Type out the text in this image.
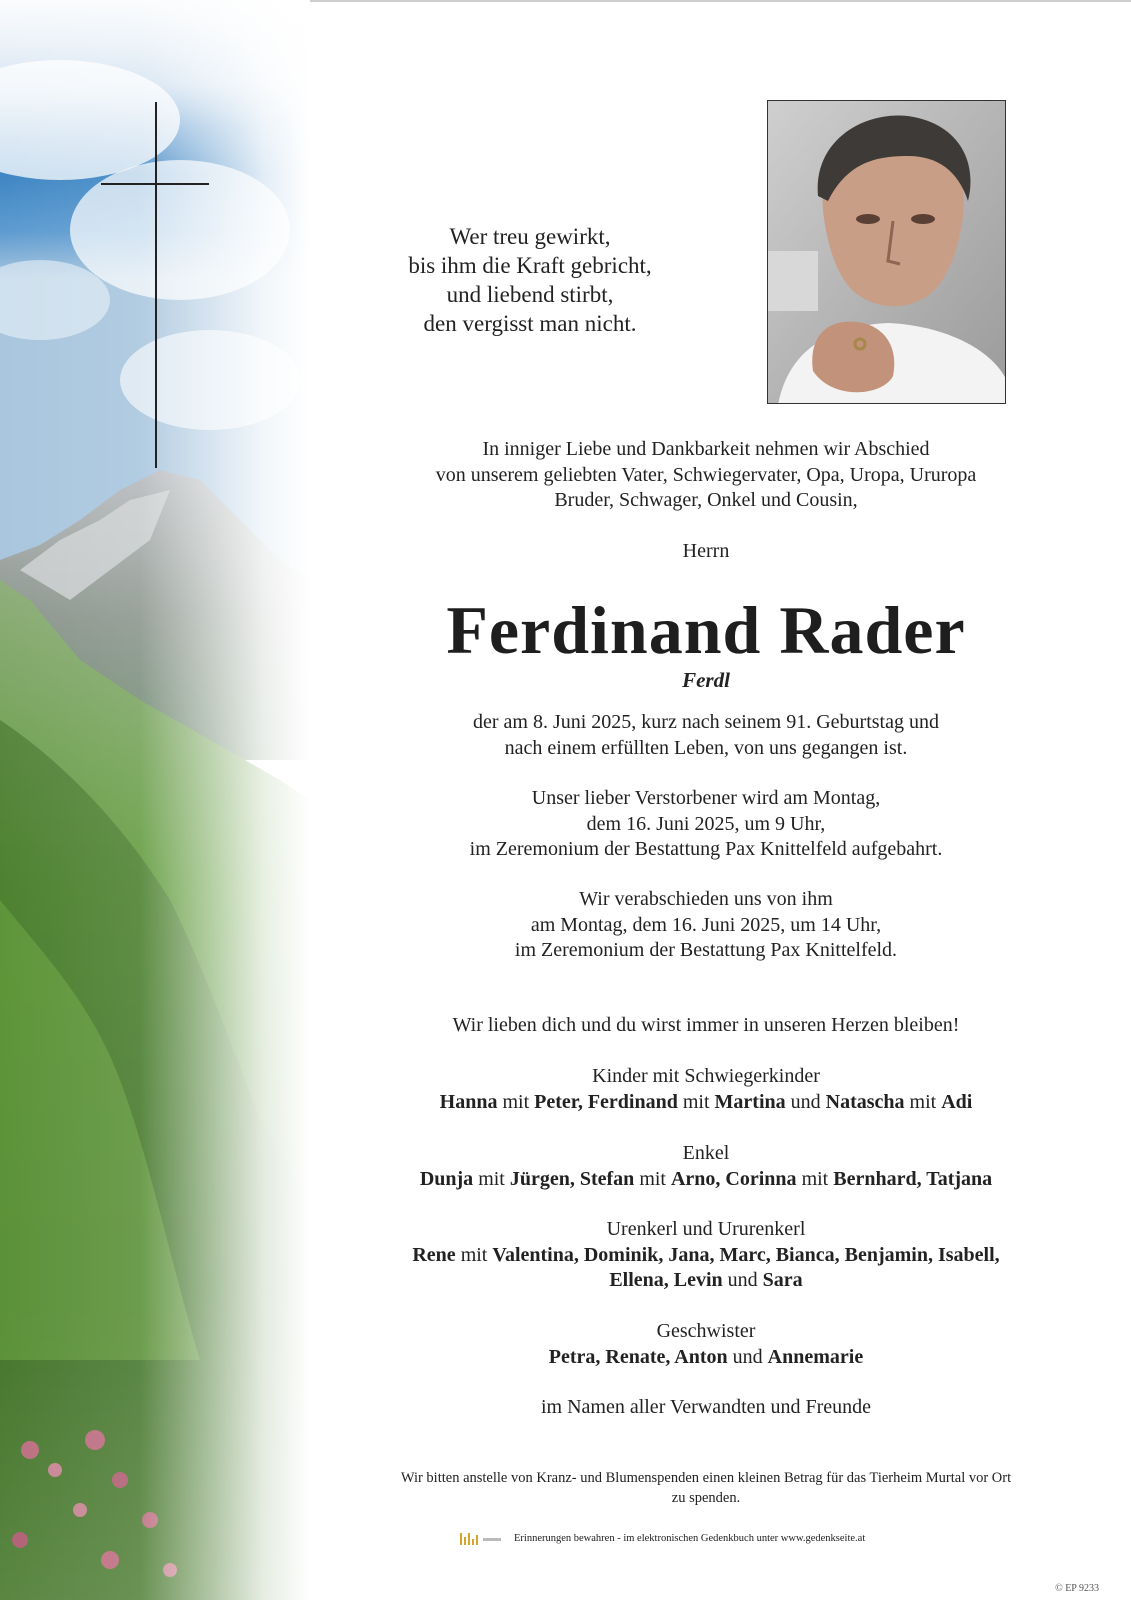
Wer treu gewirkt,
bis ihm die Kraft gebricht,
und liebend stirbt,
den vergisst man nicht.
In inniger Liebe und Dankbarkeit nehmen wir Abschied
von unserem geliebten Vater, Schwiegervater, Opa, Uropa, Ururopa
Bruder, Schwager, Onkel und Cousin,
Herrn
Ferdinand Rader
Ferdl
der am 8. Juni 2025, kurz nach seinem 91. Geburtstag und
nach einem erfüllten Leben, von uns gegangen ist.
Unser lieber Verstorbener wird am Montag,
dem 16. Juni 2025, um 9 Uhr,
im Zeremonium der Bestattung Pax Knittelfeld aufgebahrt.
Wir verabschieden uns von ihm
am Montag, dem 16. Juni 2025, um 14 Uhr,
im Zeremonium der Bestattung Pax Knittelfeld.
Wir lieben dich und du wirst immer in unseren Herzen bleiben!
Kinder mit Schwiegerkinder
Hanna mit Peter, Ferdinand mit Martina und Natascha mit Adi
Enkel
Dunja mit Jürgen, Stefan mit Arno, Corinna mit Bernhard, Tatjana
Urenkerl und Ururenkerl
Rene mit Valentina, Dominik, Jana, Marc, Bianca, Benjamin, Isabell,
Ellena, Levin und Sara
Geschwister
Petra, Renate, Anton und Annemarie
im Namen aller Verwandten und Freunde
Wir bitten anstelle von Kranz- und Blumenspenden einen kleinen Betrag für das Tierheim Murtal vor Ort
zu spenden.
Erinnerungen bewahren - im elektronischen Gedenkbuch unter www.gedenkseite.at
© EP 9233
